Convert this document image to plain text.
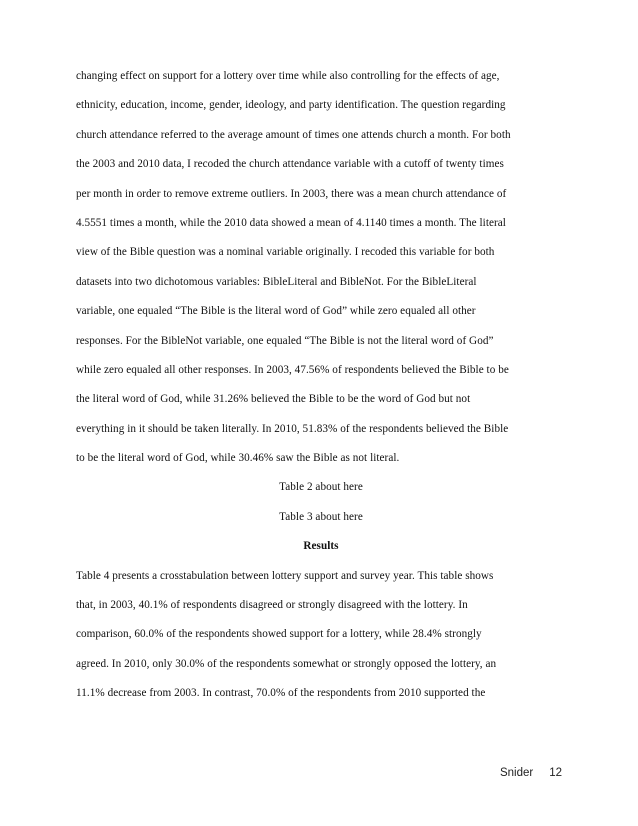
changing effect on support for a lottery over time while also controlling for the effects of age,
ethnicity, education, income, gender, ideology, and party identification. The question regarding
church attendance referred to the average amount of times one attends church a month. For both
the 2003 and 2010 data, I recoded the church attendance variable with a cutoff of twenty times
per month in order to remove extreme outliers. In 2003, there was a mean church attendance of
4.5551 times a month, while the 2010 data showed a mean of 4.1140 times a month. The literal
view of the Bible question was a nominal variable originally. I recoded this variable for both
datasets into two dichotomous variables: BibleLiteral and BibleNot. For the BibleLiteral
variable, one equaled “The Bible is the literal word of God” while zero equaled all other
responses. For the BibleNot variable, one equaled “The Bible is not the literal word of God”
while zero equaled all other responses. In 2003, 47.56% of respondents believed the Bible to be
the literal word of God, while 31.26% believed the Bible to be the word of God but not
everything in it should be taken literally. In 2010, 51.83% of the respondents believed the Bible
to be the literal word of God, while 30.46% saw the Bible as not literal.
Table 2 about here
Table 3 about here
Results
Table 4 presents a crosstabulation between lottery support and survey year. This table shows
that, in 2003, 40.1% of respondents disagreed or strongly disagreed with the lottery. In
comparison, 60.0% of the respondents showed support for a lottery, while 28.4% strongly
agreed. In 2010, only 30.0% of the respondents somewhat or strongly opposed the lottery, an
11.1% decrease from 2003. In contrast, 70.0% of the respondents from 2010 supported the
Snider 12
